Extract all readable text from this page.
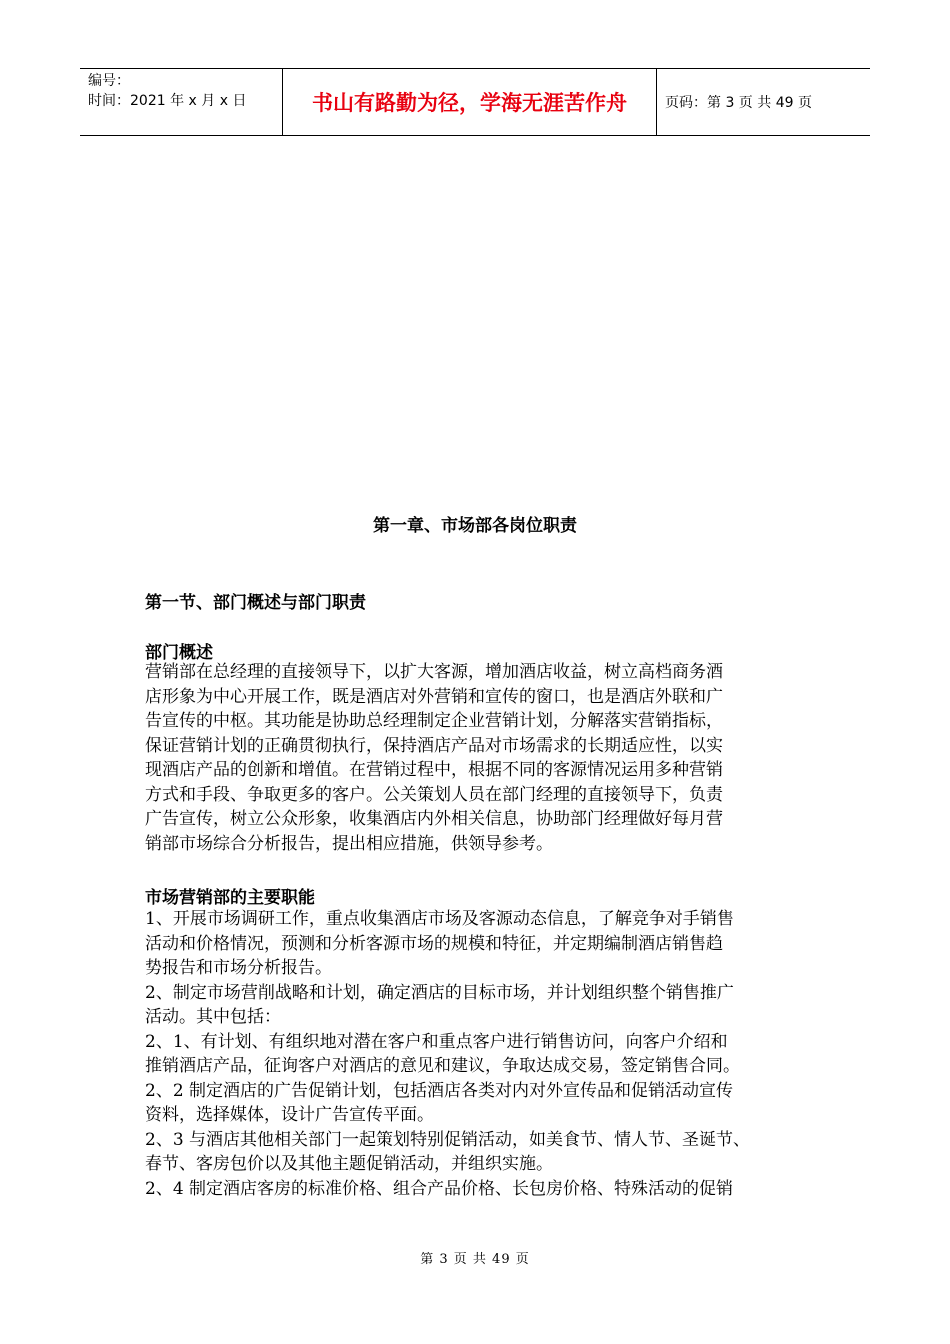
编号：
时间：2021 年 x 月 x 日	书山有路勤为径，学海无涯苦作舟	页码：第 3 页 共 49 页
第一章、市场部各岗位职责
第一节、部门概述与部门职责
部门概述
营销部在总经理的直接领导下，以扩大客源，增加酒店收益，树立高档商务酒
店形象为中心开展工作，既是酒店对外营销和宣传的窗口，也是酒店外联和广
告宣传的中枢。其功能是协助总经理制定企业营销计划，分解落实营销指标，
保证营销计划的正确贯彻执行，保持酒店产品对市场需求的长期适应性，以实
现酒店产品的创新和增值。在营销过程中，根据不同的客源情况运用多种营销
方式和手段、争取更多的客户。公关策划人员在部门经理的直接领导下，负责
广告宣传，树立公众形象，收集酒店内外相关信息，协助部门经理做好每月营
销部市场综合分析报告，提出相应措施，供领导参考。
市场营销部的主要职能
1、开展市场调研工作，重点收集酒店市场及客源动态信息，了解竞争对手销售
活动和价格情况，预测和分析客源市场的规模和特征，并定期编制酒店销售趋
势报告和市场分析报告。
2、制定市场营削战略和计划，确定酒店的目标市场，并计划组织整个销售推广
活动。其中包括：
2、1、有计划、有组织地对潜在客户和重点客户进行销售访问，向客户介绍和
推销酒店产品，征询客户对酒店的意见和建议，争取达成交易，签定销售合同。
2、2 制定酒店的广告促销计划，包括酒店各类对内对外宣传品和促销活动宣传
资料，选择媒体，设计广告宣传平面。
2、3 与酒店其他相关部门一起策划特别促销活动，如美食节、情人节、圣诞节、
春节、客房包价以及其他主题促销活动，并组织实施。
2、4 制定酒店客房的标准价格、组合产品价格、长包房价格、特殊活动的促销
第 3 页 共 49 页
